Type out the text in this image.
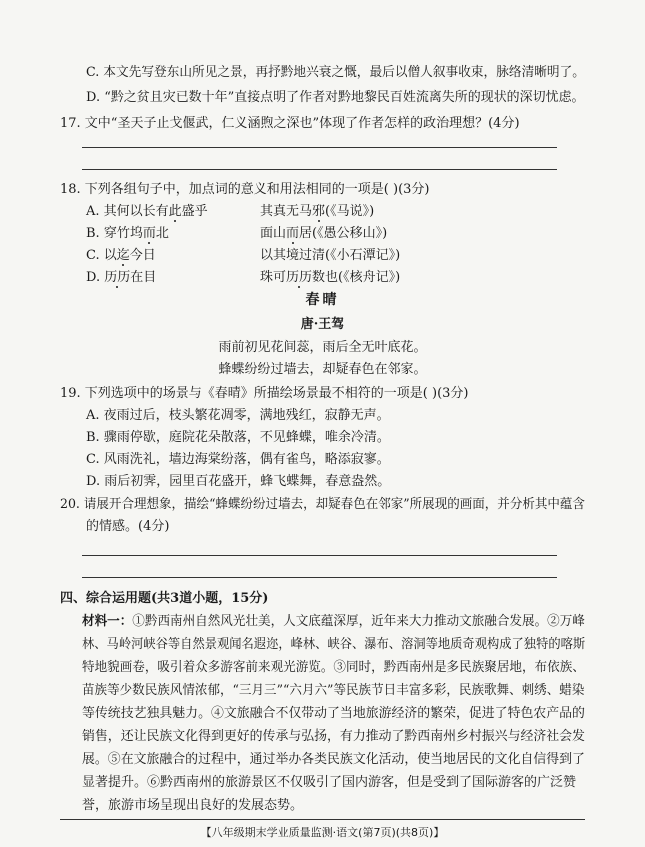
C. 本文先写登东山所见之景，再抒黔地兴衰之慨，最后以僧人叙事收束，脉络清晰明了。
D. “黔之贫且灾已数十年”直接点明了作者对黔地黎民百姓流离失所的现状的深切忧虑。
17. 文中“圣天子止戈偃武，仁义涵煦之深也”体现了作者怎样的政治理想？(4分)
18. 下列各组句子中，加点词的意义和用法相同的一项是( )(3分)
A. 其何以长有此盛乎	其真无马邪(《马说》)
B. 穿竹坞而北	面山而居(《愚公移山》)
C. 以迄今日	以其境过清(《小石潭记》)
D. 历历在目	珠可历历数也(《核舟记》)
春晴
唐·王驾
雨前初见花间蕊，雨后全无叶底花。
蜂蝶纷纷过墙去，却疑春色在邻家。
19. 下列选项中的场景与《春晴》所描绘场景最不相符的一项是( )(3分)
A. 夜雨过后，枝头繁花凋零，满地残红，寂静无声。
B. 骤雨停歇，庭院花朵散落，不见蜂蝶，唯余冷清。
C. 风雨洗礼，墙边海棠纷落，偶有雀鸟，略添寂寥。
D. 雨后初霁，园里百花盛开，蜂飞蝶舞，春意盎然。
20. 请展开合理想象，描绘“蜂蝶纷纷过墙去，却疑春色在邻家”所展现的画面，并分析其中蕴含
的情感。(4分)
四、综合运用题(共3道小题，15分)
材料一：①黔西南州自然风光壮美，人文底蕴深厚，近年来大力推动文旅融合发展。②万峰
林、马岭河峡谷等自然景观闻名遐迩，峰林、峡谷、瀑布、溶洞等地质奇观构成了独特的喀斯
特地貌画卷，吸引着众多游客前来观光游览。③同时，黔西南州是多民族聚居地，布依族、
苗族等少数民族风情浓郁，“三月三”“六月六”等民族节日丰富多彩，民族歌舞、刺绣、蜡染
等传统技艺独具魅力。④文旅融合不仅带动了当地旅游经济的繁荣，促进了特色农产品的
销售，还让民族文化得到更好的传承与弘扬，有力推动了黔西南州乡村振兴与经济社会发
展。⑤在文旅融合的过程中，通过举办各类民族文化活动，使当地居民的文化自信得到了
显著提升。⑥黔西南州的旅游景区不仅吸引了国内游客，但是受到了国际游客的广泛赞
誉，旅游市场呈现出良好的发展态势。
【八年级期末学业质量监测·语文(第7页)(共8页)】
